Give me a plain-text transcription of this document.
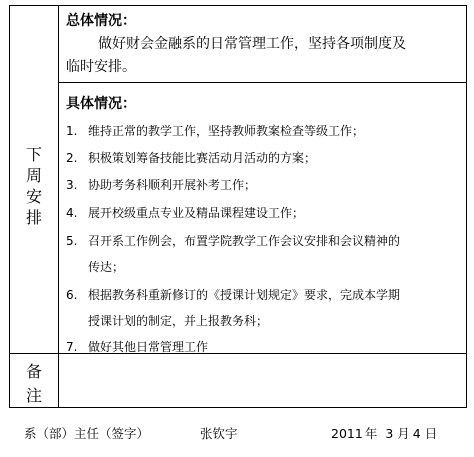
下
周
安
排
备
注
总体情况：
做好财会金融系的日常管理工作，坚持各项制度及
临时安排。
具体情况：
1. 维持正常的教学工作，坚持教师教案检查等级工作；
2. 积极策划筹备技能比赛活动月活动的方案；
3. 协助考务科顺利开展补考工作；
4. 展开校级重点专业及精品课程建设工作；
5. 召开系工作例会，布置学院教学工作会议安排和会议精神的
传达；
6. 根据教务科重新修订的《授课计划规定》要求，完成本学期
授课计划的制定，并上报教务科；
7. 做好其他日常管理工作
系（部）主任（签字）	张钦宇	2011 年 3 月 4 日
